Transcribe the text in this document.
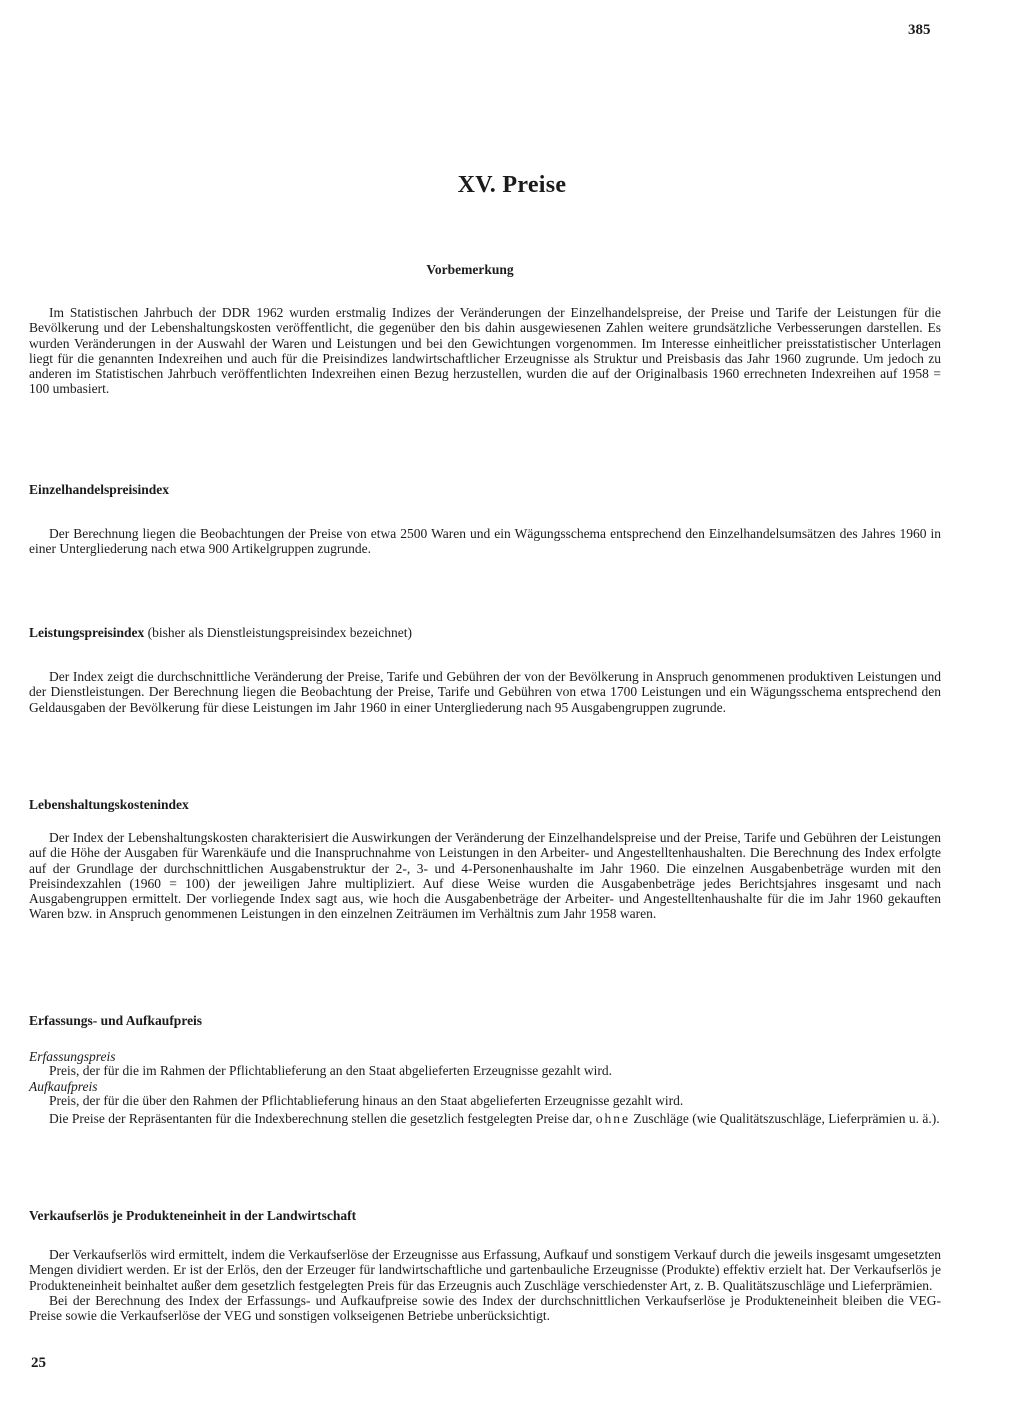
385
XV. Preise
Vorbemerkung

Im Statistischen Jahrbuch der DDR 1962 wurden erstmalig Indizes der Veränderungen der Einzelhandelspreise, der Preise und Tarife der Leistungen für die Bevölkerung und der Lebenshaltungskosten veröffentlicht, die gegenüber den bis dahin ausgewiesenen Zahlen weitere grundsätzliche Verbesserungen darstellen. Es wurden Veränderungen in der Auswahl der Waren und Leistungen und bei den Gewichtungen vorgenommen. Im Interesse einheitlicher preisstatistischer Unterlagen liegt für die genannten Indexreihen und auch für die Preisindizes landwirtschaftlicher Erzeugnisse als Struktur und Preisbasis das Jahr 1960 zugrunde. Um jedoch zu anderen im Statistischen Jahrbuch veröffentlichten Indexreihen einen Bezug herzustellen, wurden die auf der Originalbasis 1960 errechneten Indexreihen auf 1958 = 100 umbasiert.

Einzelhandelspreisindex

Der Berechnung liegen die Beobachtungen der Preise von etwa 2500 Waren und ein Wägungsschema entsprechend den Einzelhandelsumsätzen des Jahres 1960 in einer Untergliederung nach etwa 900 Artikelgruppen zugrunde.

Leistungspreisindex (bisher als Dienstleistungspreisindex bezeichnet)

Der Index zeigt die durchschnittliche Veränderung der Preise, Tarife und Gebühren der von der Bevölkerung in Anspruch genommenen produktiven Leistungen und der Dienstleistungen. Der Berechnung liegen die Beobachtung der Preise, Tarife und Gebühren von etwa 1700 Leistungen und ein Wägungsschema entsprechend den Geldausgaben der Bevölkerung für diese Leistungen im Jahr 1960 in einer Untergliederung nach 95 Ausgabengruppen zugrunde.

Lebenshaltungskostenindex

Der Index der Lebenshaltungskosten charakterisiert die Auswirkungen der Veränderung der Einzelhandelspreise und der Preise, Tarife und Gebühren der Leistungen auf die Höhe der Ausgaben für Warenkäufe und die Inanspruchnahme von Leistungen in den Arbeiter- und Angestelltenhaushalten. Die Berechnung des Index erfolgte auf der Grundlage der durchschnittlichen Ausgabenstruktur der 2-, 3- und 4-Personenhaushalte im Jahr 1960. Die einzelnen Ausgabenbeträge wurden mit den Preisindexzahlen (1960 = 100) der jeweiligen Jahre multipliziert. Auf diese Weise wurden die Ausgabenbeträge jedes Berichtsjahres insgesamt und nach Ausgabengruppen ermittelt. Der vorliegende Index sagt aus, wie hoch die Ausgabenbeträge der Arbeiter- und Angestelltenhaushalte für die im Jahr 1960 gekauften Waren bzw. in Anspruch genommenen Leistungen in den einzelnen Zeiträumen im Verhältnis zum Jahr 1958 waren.

Erfassungs- und Aufkaufpreis

Erfassungspreis

Preis, der für die im Rahmen der Pflichtablieferung an den Staat abgelieferten Erzeugnisse gezahlt wird.

Aufkaufpreis

Preis, der für die über den Rahmen der Pflichtablieferung hinaus an den Staat abgelieferten Erzeugnisse gezahlt wird.

Die Preise der Repräsentanten für die Indexberechnung stellen die gesetzlich festgelegten Preise dar, ohne Zuschläge (wie Qualitätszuschläge, Lieferprämien u. ä.).

Verkaufserlös je Produkteneinheit in der Landwirtschaft

Der Verkaufserlös wird ermittelt, indem die Verkaufserlöse der Erzeugnisse aus Erfassung, Aufkauf und sonstigem Verkauf durch die jeweils insgesamt umgesetzten Mengen dividiert werden. Er ist der Erlös, den der Erzeuger für landwirtschaftliche und gartenbauliche Erzeugnisse (Produkte) effektiv erzielt hat. Der Verkaufserlös je Produkteneinheit beinhaltet außer dem gesetzlich festgelegten Preis für das Erzeugnis auch Zuschläge verschiedenster Art, z. B. Qualitätszuschläge und Lieferprämien.

Bei der Berechnung des Index der Erfassungs- und Aufkaufpreise sowie des Index der durchschnittlichen Verkaufserlöse je Produkteneinheit bleiben die VEG-Preise sowie die Verkaufserlöse der VEG und sonstigen volkseigenen Betriebe unberücksichtigt.

25
